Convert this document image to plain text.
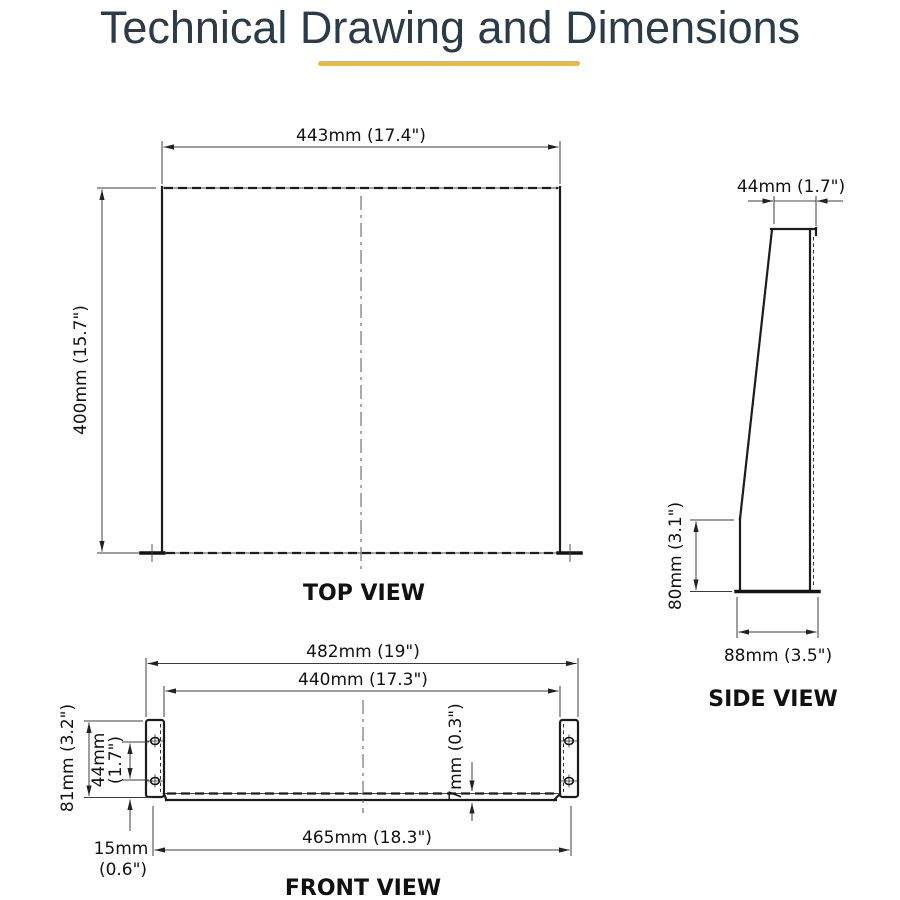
Technical Drawing and Dimensions
443mm (17.4")
400mm (15.7")
TOP VIEW
44mm (1.7")
80mm (3.1")
88mm (3.5")
SIDE VIEW
482mm (19")
440mm (17.3")
7mm (0.3")
81mm (3.2") 44mm
(1.7")
15mm
(0.6")
465mm (18.3")
FRONT VIEW
